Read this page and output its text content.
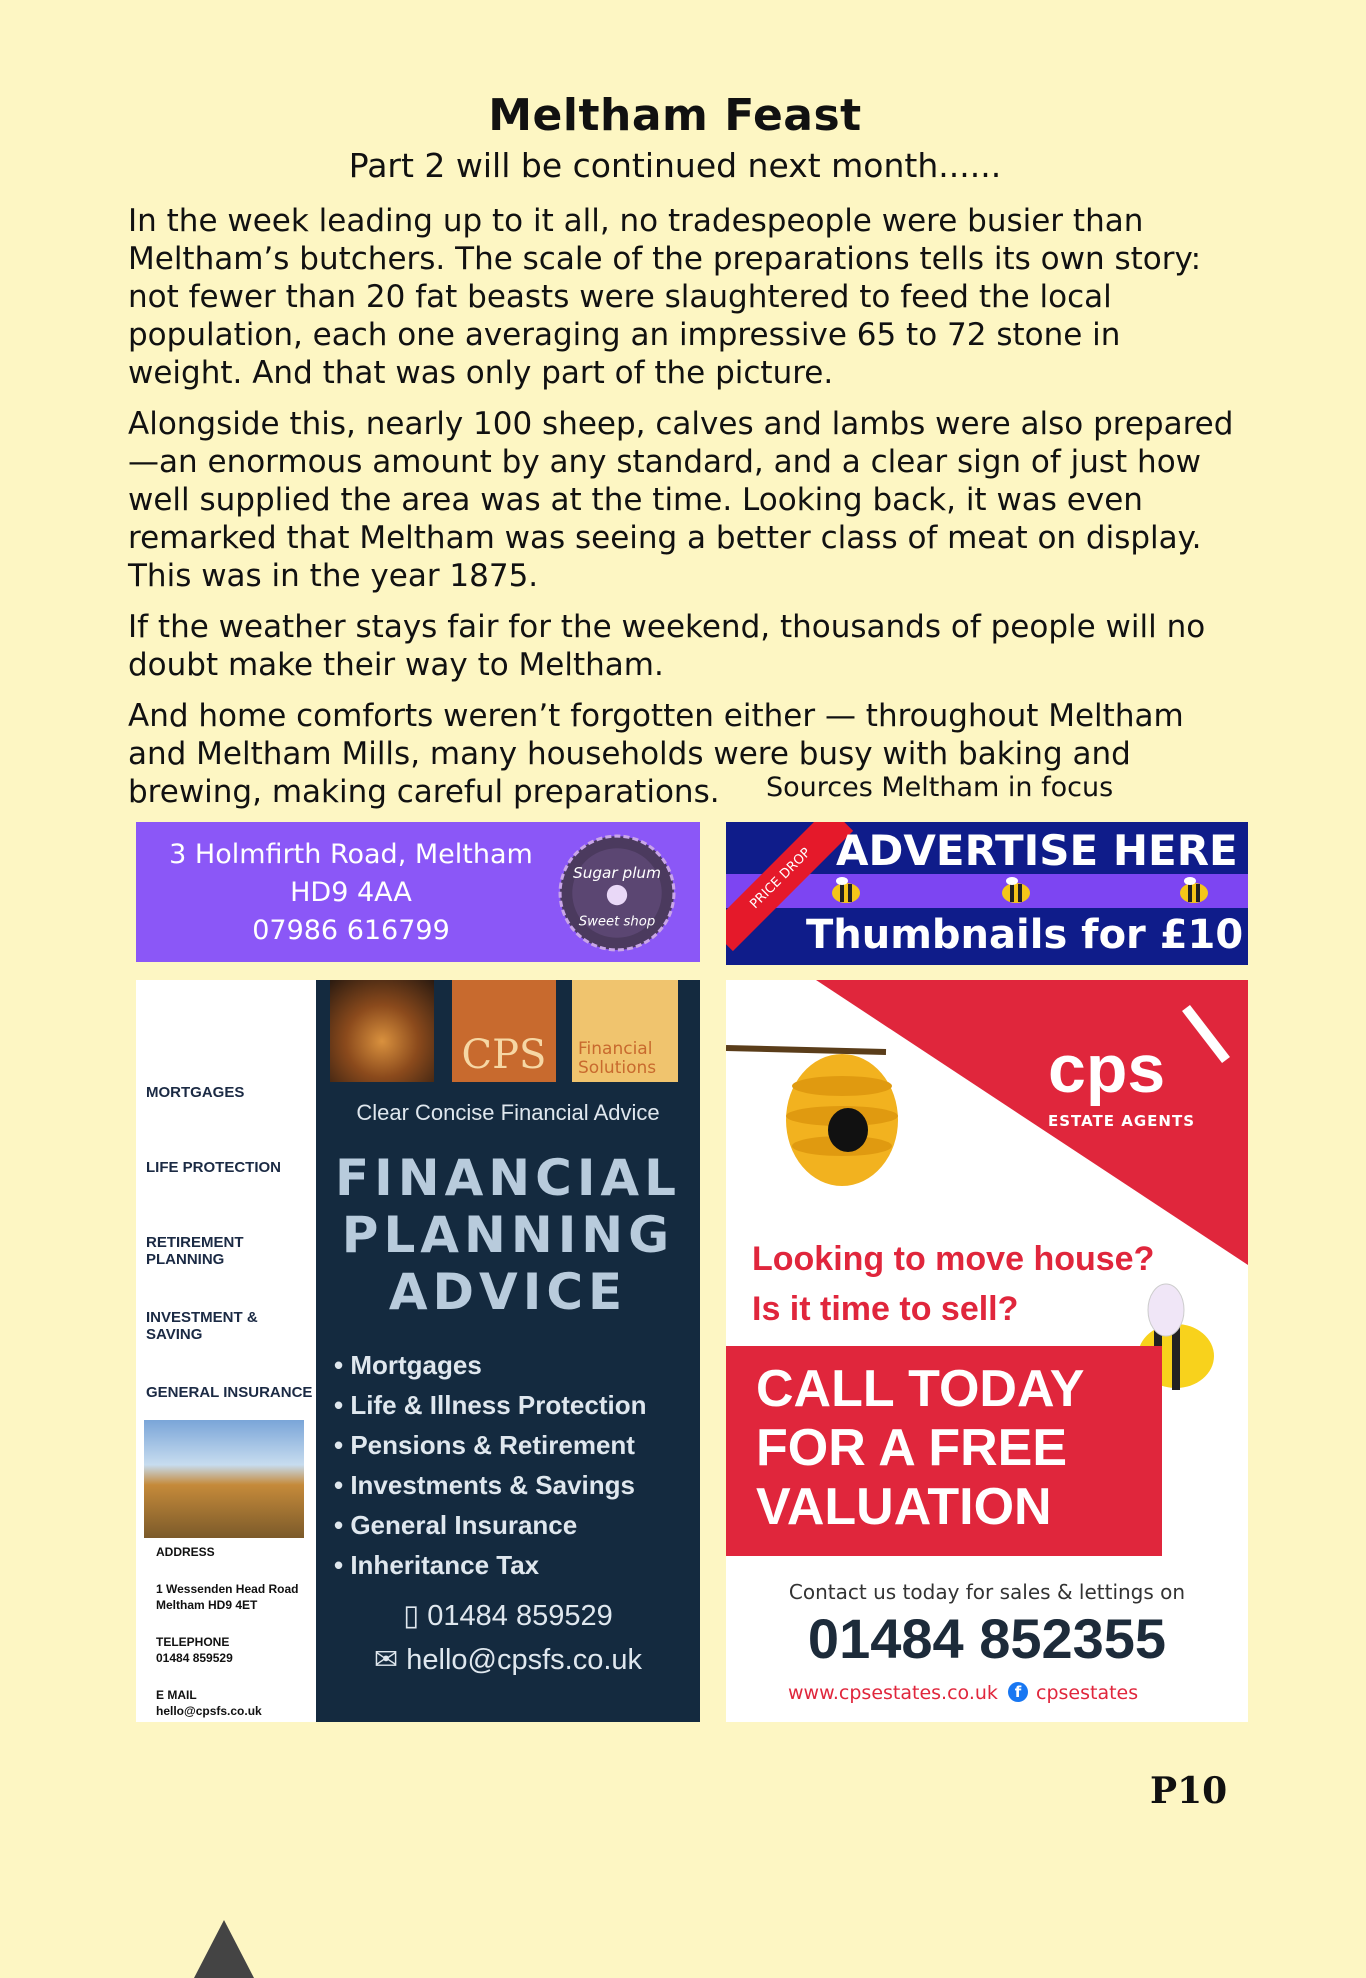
Meltham Feast
Part 2 will be continued next month......
In the week leading up to it all, no tradespeople were busier than Meltham’s butchers. The scale of the preparations tells its own story: not fewer than 20 fat beasts were slaughtered to feed the local population, each one averaging an impressive 65 to 72 stone in weight. And that was only part of the picture.
Alongside this, nearly 100 sheep, calves and lambs were also prepared—an enormous amount by any standard, and a clear sign of just how well supplied the area was at the time. Looking back, it was even remarked that Meltham was seeing a better class of meat on display. This was in the year 1875.
If the weather stays fair for the weekend, thousands of people will no doubt make their way to Meltham.
And home comforts weren’t forgotten either — throughout Meltham and Meltham Mills, many households were busy with baking and brewing, making careful preparations.	Sources Meltham in focus
3 Holmfirth Road, Meltham
HD9 4AA
07986 616799
Sugar plum
Sweet shop
PRICE DROP ADVERTISE HERE
Thumbnails for £10
MORTGAGES
LIFE PROTECTION
RETIREMENT PLANNING
INVESTMENT & SAVING
GENERAL INSURANCE
ADDRESS
1 Wessenden Head Road
Meltham HD9 4ET
TELEPHONE
01484 859529
E MAIL
hello@cpsfs.co.uk
CPS	Financial
Solutions
Clear Concise Financial Advice
FINANCIAL
PLANNING
ADVICE
• Mortgages
• Life & Illness Protection
• Pensions & Retirement
• Investments & Savings
• General Insurance
• Inheritance Tax
▯ 01484 859529
✉ hello@cpsfs.co.uk
cps
ESTATE AGENTS
Looking to move house?
Is it time to sell?
CALL TODAY
FOR A FREE
VALUATION
Contact us today for sales & lettings on
01484 852355
www.cpsestates.co.uk	f cpsestates
P10
